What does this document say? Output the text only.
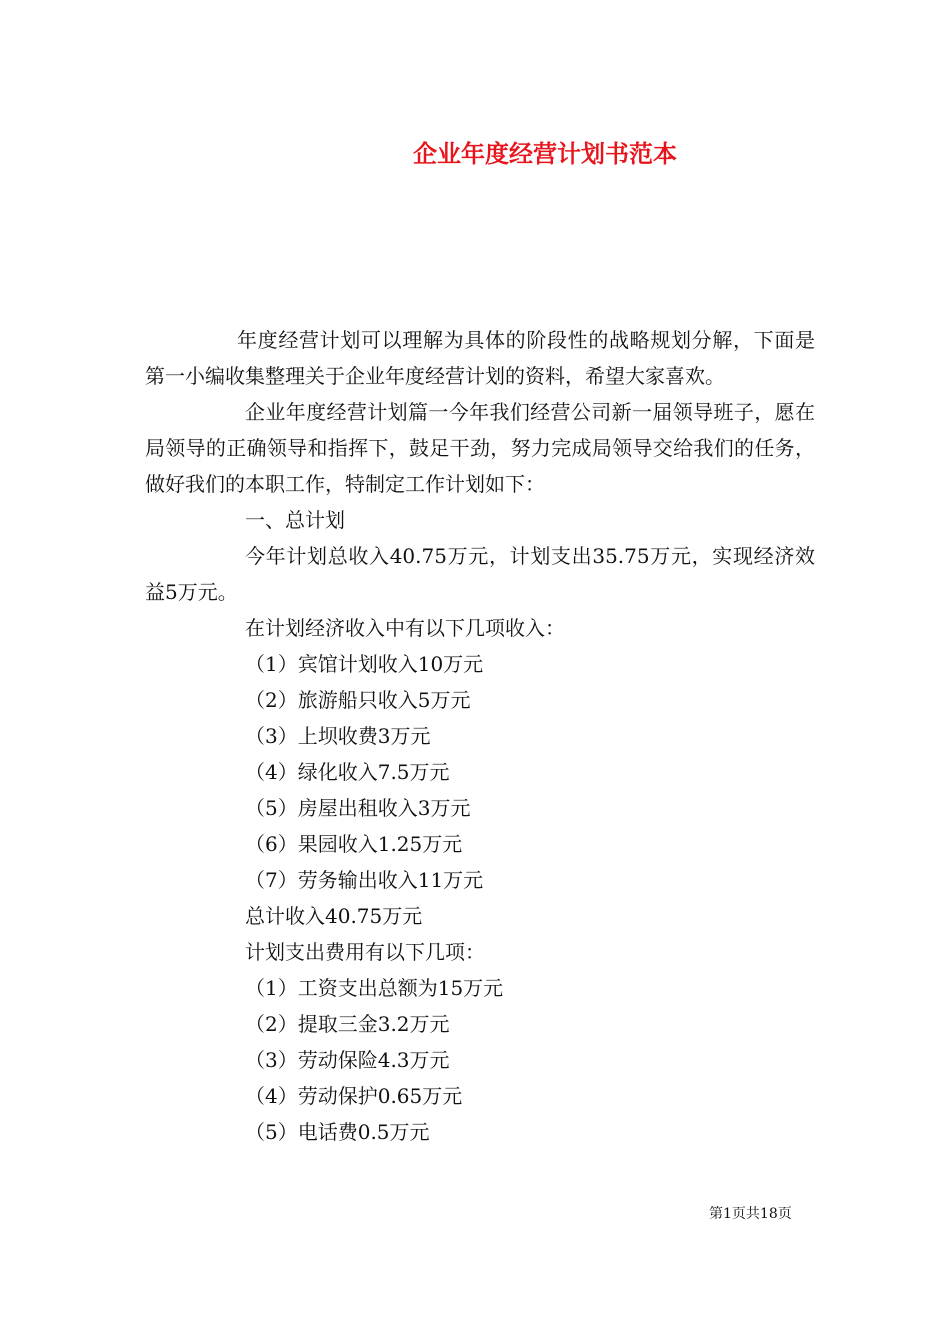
企业年度经营计划书范本

年度经营计划可以理解为具体的阶段性的战略规划分解，下面是第一小编收集整理关于企业年度经营计划的资料，希望大家喜欢。

企业年度经营计划篇一今年我们经营公司新一届领导班子，愿在局领导的正确领导和指挥下，鼓足干劲，努力完成局领导交给我们的任务，做好我们的本职工作，特制定工作计划如下：

一、总计划

今年计划总收入40.75万元，计划支出35.75万元，实现经济效益5万元。

在计划经济收入中有以下几项收入：

（1）宾馆计划收入10万元

（2）旅游船只收入5万元

（3）上坝收费3万元

（4）绿化收入7.5万元

（5）房屋出租收入3万元

（6）果园收入1.25万元

（7）劳务输出收入11万元

总计收入40.75万元

计划支出费用有以下几项：

（1）工资支出总额为15万元

（2）提取三金3.2万元

（3）劳动保险4.3万元

（4）劳动保护0.65万元

（5）电话费0.5万元

第1页共18页
